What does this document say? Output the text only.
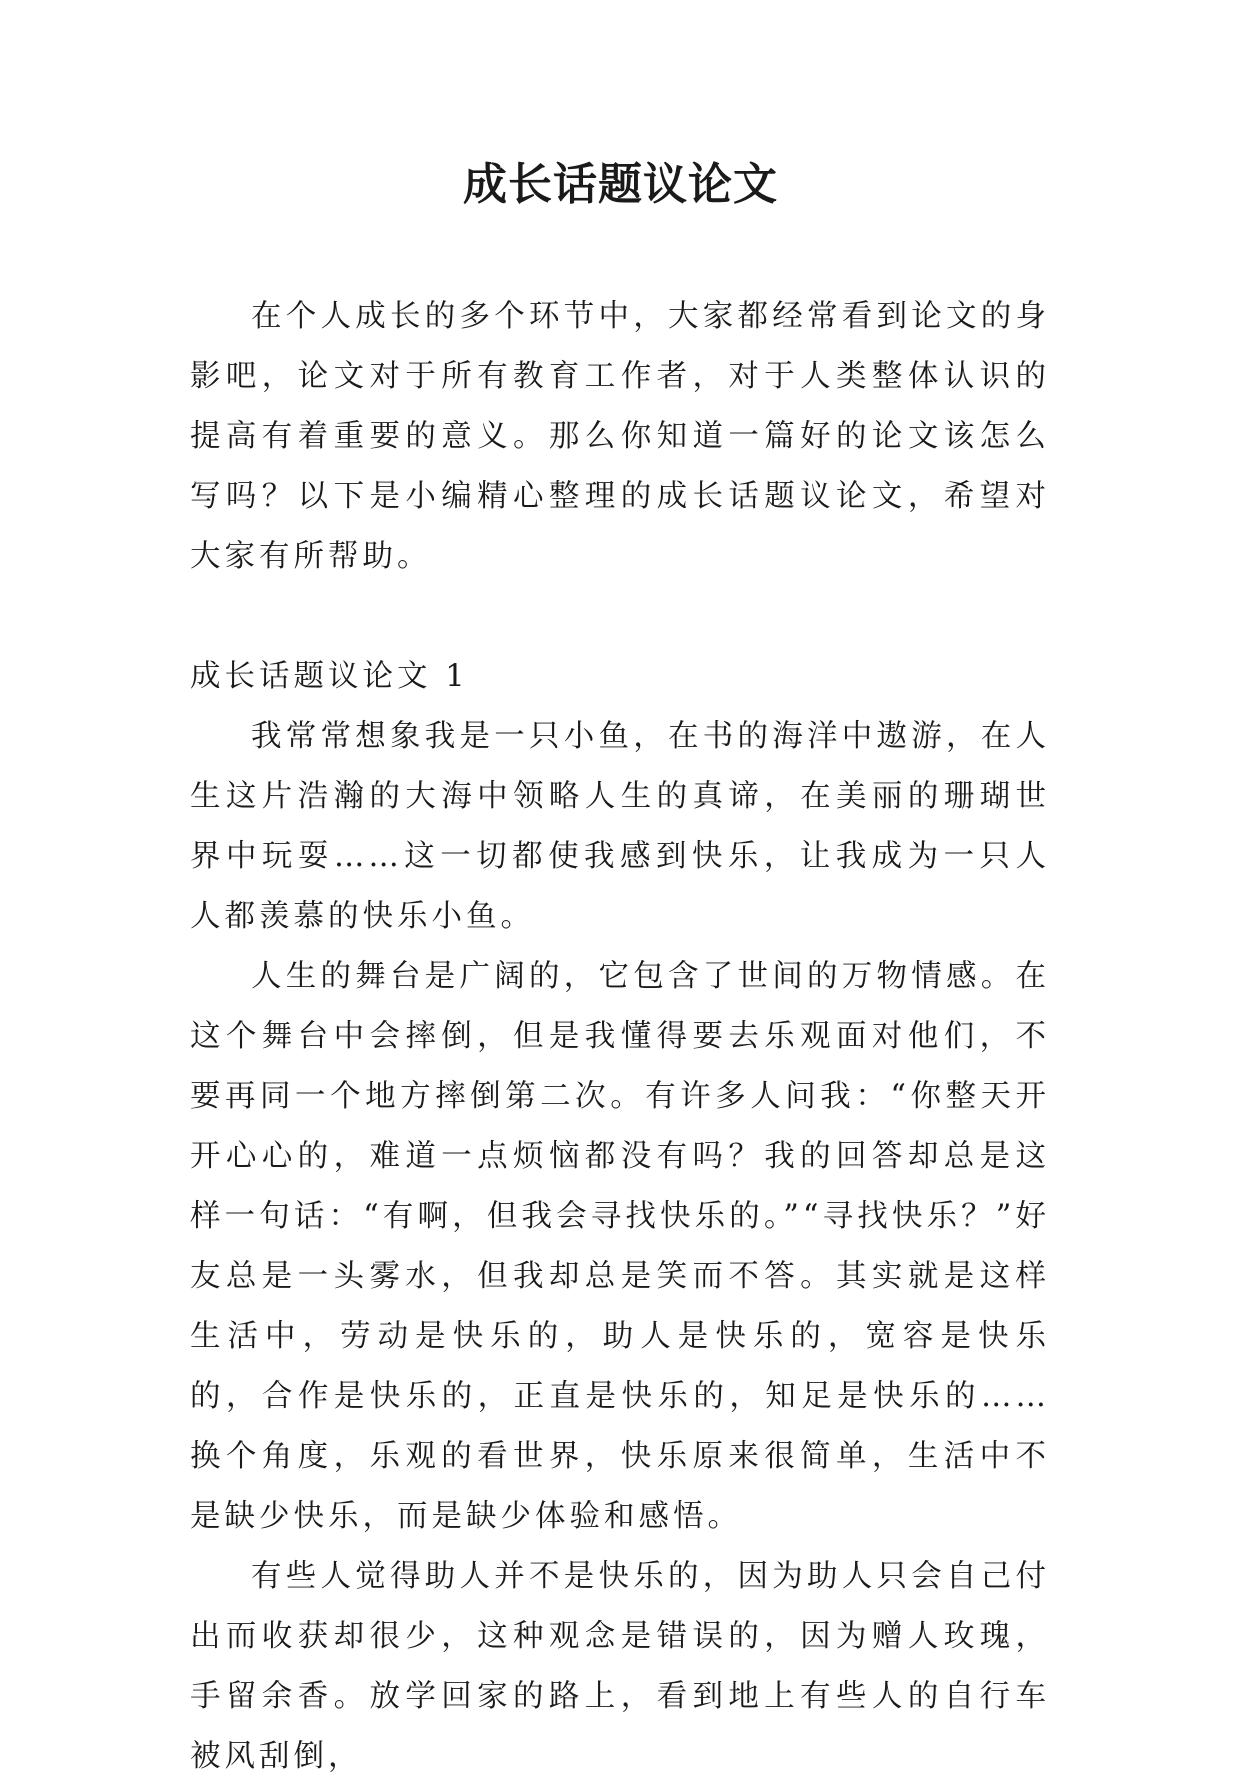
成长话题议论文

在个人成长的多个环节中，大家都经常看到论文的身影吧，论文对于所有教育工作者，对于人类整体认识的提高有着重要的意义。那么你知道一篇好的论文该怎么写吗？以下是小编精心整理的成长话题议论文，希望对大家有所帮助。

成长话题议论文 1

我常常想象我是一只小鱼，在书的海洋中遨游，在人生这片浩瀚的大海中领略人生的真谛，在美丽的珊瑚世界中玩耍……这一切都使我感到快乐，让我成为一只人人都羡慕的快乐小鱼。

人生的舞台是广阔的，它包含了世间的万物情感。在这个舞台中会摔倒，但是我懂得要去乐观面对他们，不要再同一个地方摔倒第二次。有许多人问我：“你整天开开心心的，难道一点烦恼都没有吗？我的回答却总是这样一句话：“有啊，但我会寻找快乐的。”“寻找快乐？”好友总是一头雾水，但我却总是笑而不答。其实就是这样生活中，劳动是快乐的，助人是快乐的，宽容是快乐的，合作是快乐的，正直是快乐的，知足是快乐的……换个角度，乐观的看世界，快乐原来很简单，生活中不是缺少快乐，而是缺少体验和感悟。

有些人觉得助人并不是快乐的，因为助人只会自己付出而收获却很少，这种观念是错误的，因为赠人玫瑰，手留余香。放学回家的路上，看到地上有些人的自行车被风刮倒，
